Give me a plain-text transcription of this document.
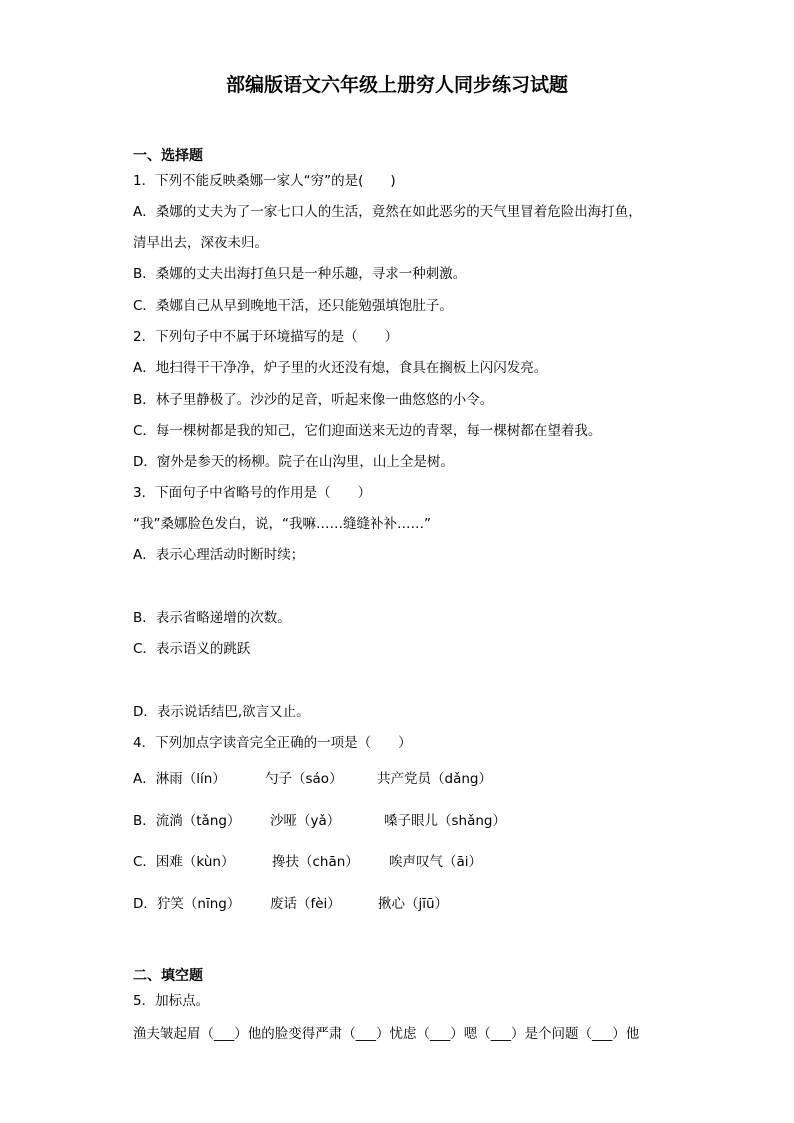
部编版语文六年级上册穷人同步练习试题
一、选择题
1．下列不能反映桑娜一家人“穷”的是(　　)
A．桑娜的丈夫为了一家七口人的生活，竟然在如此恶劣的天气里冒着危险出海打鱼，
清早出去，深夜未归。
B．桑娜的丈夫出海打鱼只是一种乐趣，寻求一种刺激。
C．桑娜自己从早到晚地干活，还只能勉强填饱肚子。
2．下列句子中不属于环境描写的是（　　）
A．地扫得干干净净，炉子里的火还没有熄，食具在搁板上闪闪发亮。
B．林子里静极了。沙沙的足音，听起来像一曲悠悠的小令。
C．每一棵树都是我的知己，它们迎面送来无边的青翠，每一棵树都在望着我。
D．窗外是参天的杨柳。院子在山沟里，山上全是树。
3．下面句子中省略号的作用是（　　）
“我”桑娜脸色发白，说，“我嘛……缝缝补补……”
A．表示心理活动时断时续；
B．表示省略递增的次数。
C．表示语义的跳跃
D．表示说话结巴,欲言又止。
4．下列加点字读音完全正确的一项是（　　）
A．淋雨（lín）	勺子（sáo）	共产党员（dǎng）
B．流淌（tǎng） 沙哑（yǎ）	嗓子眼儿（shǎng）
C．困难（kùn）	搀扶（chān） 唉声叹气（āi）
D．狞笑（nīng） 废话（fèi）	揪心（jīū）
二、填空题
5．加标点。
渔夫皱起眉（___）他的脸变得严肃（___）忧虑（___）嗯（___）是个问题（___）他
